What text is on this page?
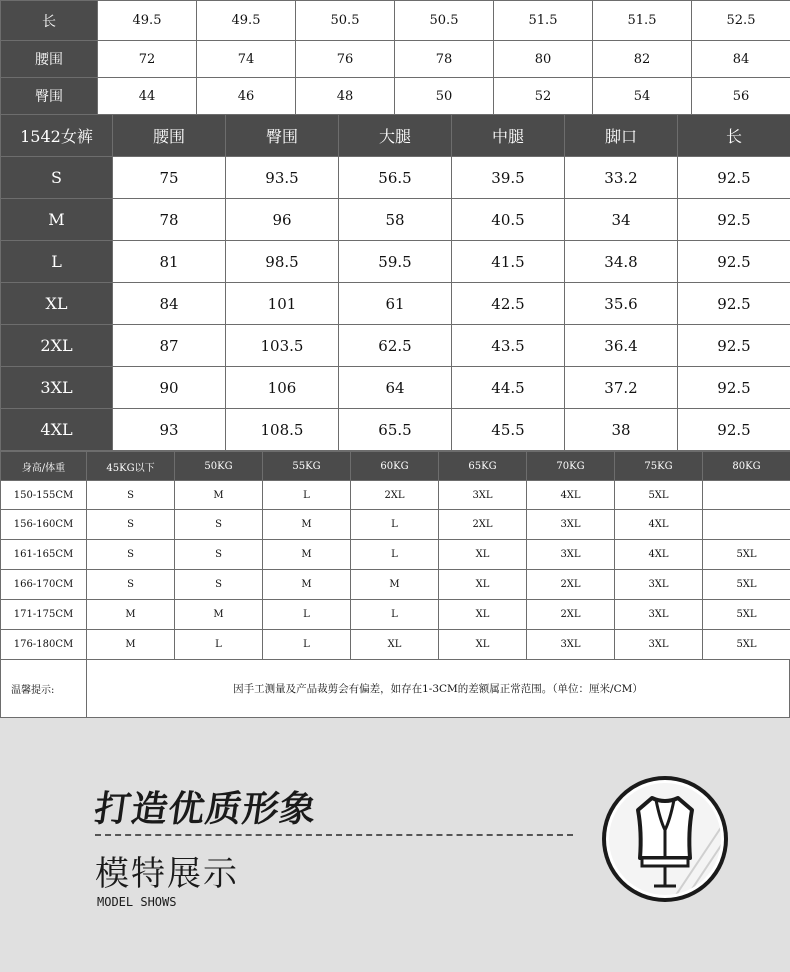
长	49.5	49.5	50.5	50.5	51.5	51.5	52.5
腰围	72	74	76	78	80	82	84
臀围	44	46	48	50	52	54	56
1542女裤	腰围	臀围	大腿	中腿	脚口	长
S	75	93.5	56.5	39.5	33.2	92.5
M	78	96	58	40.5	34	92.5
L	81	98.5	59.5	41.5	34.8	92.5
XL	84	101	61	42.5	35.6	92.5
2XL	87	103.5	62.5	43.5	36.4	92.5
3XL	90	106	64	44.5	37.2	92.5
4XL	93	108.5	65.5	45.5	38	92.5
身高/体重	45KG以下	50KG	55KG	60KG	65KG	70KG	75KG	80KG
150-155CM	S	M	L	2XL	3XL	4XL	5XL	
156-160CM	S	S	M	L	2XL	3XL	4XL	
161-165CM	S	S	M	L	XL	3XL	4XL	5XL
166-170CM	S	S	M	M	XL	2XL	3XL	5XL
171-175CM	M	M	L	L	XL	2XL	3XL	5XL
176-180CM	M	L	L	XL	XL	3XL	3XL	5XL
温馨提示:	因手工测量及产品裁剪会有偏差，如存在1-3CM的差额属正常范围。（单位：厘米/CM）
打造优质形象
模特展示
MODEL SHOWS
